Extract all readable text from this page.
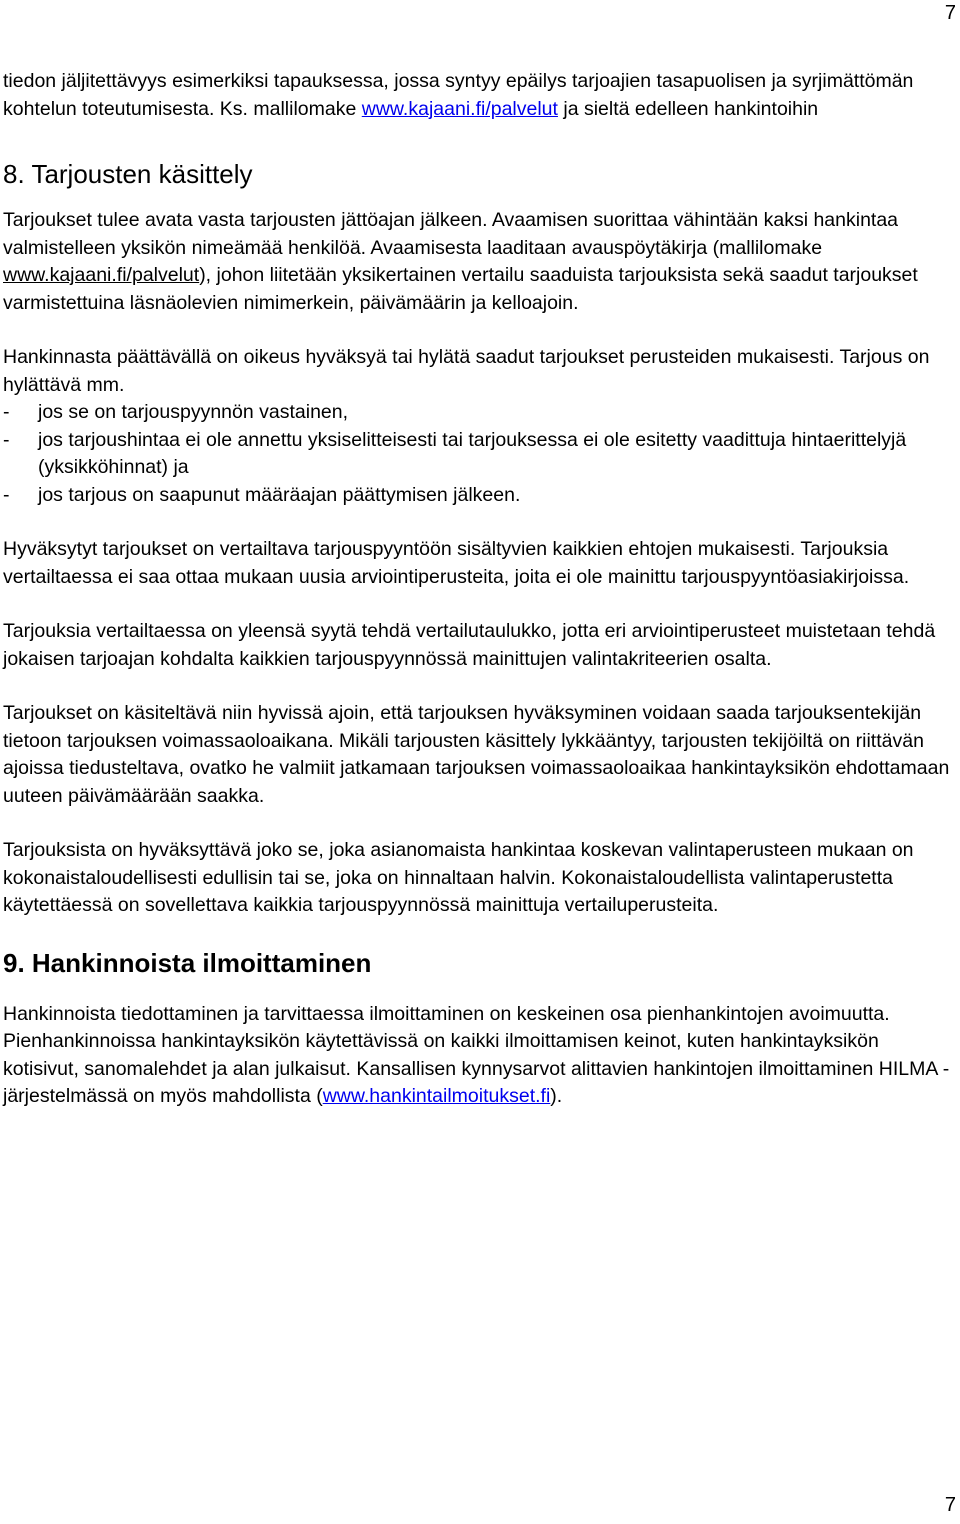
7

tiedon jäljitettävyys esimerkiksi tapauksessa, jossa syntyy epäilys tarjoajien tasapuolisen ja syrjimättömän kohtelun toteutumisesta. Ks. mallilomake www.kajaani.fi/palvelut ja sieltä edelleen hankintoihin

8. Tarjousten käsittely

Tarjoukset tulee avata vasta tarjousten jättöajan jälkeen. Avaamisen suorittaa vähintään kaksi hankintaa valmistelleen yksikön nimeämää henkilöä. Avaamisesta laaditaan avauspöytäkirja (mallilomake www.kajaani.fi/palvelut), johon liitetään yksikertainen vertailu saaduista tarjouksista sekä saadut tarjoukset varmistettuina läsnäolevien nimimerkein, päivämäärin ja kelloajoin.

Hankinnasta päättävällä on oikeus hyväksyä tai hylätä saadut tarjoukset perusteiden mukaisesti. Tarjous on hylättävä mm.

-	jos se on tarjouspyynnön vastainen,

-	jos tarjoushintaa ei ole annettu yksiselitteisesti tai tarjouksessa ei ole esitetty vaadittuja hintaerittelyjä (yksikköhinnat) ja

-	jos tarjous on saapunut määräajan päättymisen jälkeen.

Hyväksytyt tarjoukset on vertailtava tarjouspyyntöön sisältyvien kaikkien ehtojen mukaisesti. Tarjouksia vertailtaessa ei saa ottaa mukaan uusia arviointiperusteita, joita ei ole mainittu tarjouspyyntöasiakirjoissa.

Tarjouksia vertailtaessa on yleensä syytä tehdä vertailutaulukko, jotta eri arviointiperusteet muistetaan tehdä jokaisen tarjoajan kohdalta kaikkien tarjouspyynnössä mainittujen valintakriteerien osalta.

Tarjoukset on käsiteltävä niin hyvissä ajoin, että tarjouksen hyväksyminen voidaan saada tarjouksentekijän tietoon tarjouksen voimassaoloaikana. Mikäli tarjousten käsittely lykkääntyy, tarjousten tekijöiltä on riittävän ajoissa tiedusteltava, ovatko he valmiit jatkamaan tarjouksen voimassaoloaikaa hankintayksikön ehdottamaan uuteen päivämäärään saakka.

Tarjouksista on hyväksyttävä joko se, joka asianomaista hankintaa koskevan valintaperusteen mukaan on kokonaistaloudellisesti edullisin tai se, joka on hinnaltaan halvin. Kokonaistaloudellista valintaperustetta käytettäessä on sovellettava kaikkia tarjouspyynnössä mainittuja vertailuperusteita.

9. Hankinnoista ilmoittaminen

Hankinnoista tiedottaminen ja tarvittaessa ilmoittaminen on keskeinen osa pienhankintojen avoimuutta. Pienhankinnoissa hankintayksikön käytettävissä on kaikki ilmoittamisen keinot, kuten hankintayksikön kotisivut, sanomalehdet ja alan julkaisut. Kansallisen kynnysarvot alittavien hankintojen ilmoittaminen HILMA - järjestelmässä on myös mahdollista (www.hankintailmoitukset.fi).

7
